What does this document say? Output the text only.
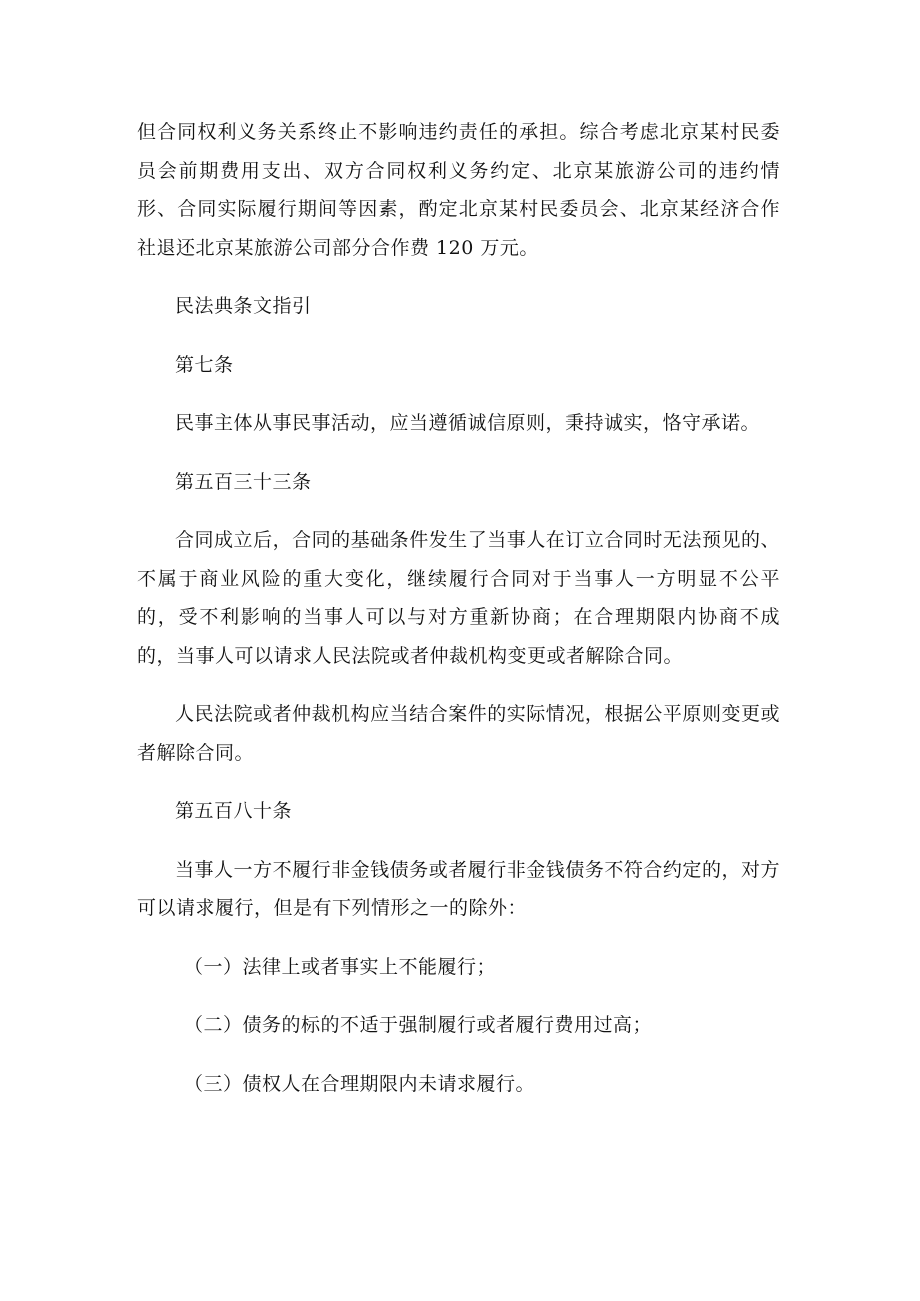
但合同权利义务关系终止不影响违约责任的承担。综合考虑北京某村民委员会前期费用支出、双方合同权利义务约定、北京某旅游公司的违约情形、合同实际履行期间等因素，酌定北京某村民委员会、北京某经济合作社退还北京某旅游公司部分合作费 120 万元。

民法典条文指引

第七条

民事主体从事民事活动，应当遵循诚信原则，秉持诚实，恪守承诺。

第五百三十三条

合同成立后，合同的基础条件发生了当事人在订立合同时无法预见的、不属于商业风险的重大变化，继续履行合同对于当事人一方明显不公平的，受不利影响的当事人可以与对方重新协商；在合理期限内协商不成的，当事人可以请求人民法院或者仲裁机构变更或者解除合同。

人民法院或者仲裁机构应当结合案件的实际情况，根据公平原则变更或者解除合同。

第五百八十条

当事人一方不履行非金钱债务或者履行非金钱债务不符合约定的，对方可以请求履行，但是有下列情形之一的除外：

（一）法律上或者事实上不能履行；

（二）债务的标的不适于强制履行或者履行费用过高；

（三）债权人在合理期限内未请求履行。
